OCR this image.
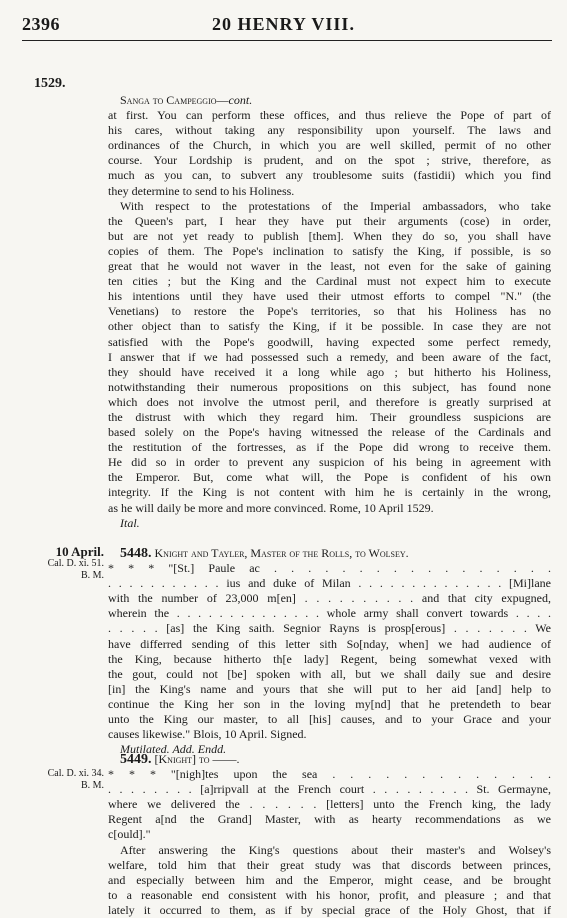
2396	20 HENRY VIII.
1529.
Sanga to Campeggio—cont.
at first. You can perform these offices, and thus relieve the Pope of part of
his cares, without taking any responsibility upon yourself. The laws and
ordinances of the Church, in which you are well skilled, permit of no other
course. Your Lordship is prudent, and on the spot ; strive, therefore, as
much as you can, to subvert any troublesome suits (fastidii) which you find
they determine to send to his Holiness.
With respect to the protestations of the Imperial ambassadors, who take
the Queen's part, I hear they have put their arguments (cose) in order,
but are not yet ready to publish [them]. When they do so, you shall have
copies of them. The Pope's inclination to satisfy the King, if possible, is so
great that he would not waver in the least, not even for the sake of gaining
ten cities ; but the King and the Cardinal must not expect him to execute
his intentions until they have used their utmost efforts to compel "N." (the
Venetians) to restore the Pope's territories, so that his Holiness has no
other object than to satisfy the King, if it be possible. In case they are not
satisfied with the Pope's goodwill, having expected some perfect remedy,
I answer that if we had possessed such a remedy, and been aware of the fact,
they should have received it a long while ago ; but hitherto his Holiness,
notwithstanding their numerous propositions on this subject, has found none
which does not involve the utmost peril, and therefore is greatly surprised at
the distrust with which they regard him. Their groundless suspicions are
based solely on the Pope's having witnessed the release of the Cardinals and
the restitution of the fortresses, as if the Pope did wrong to receive them.
He did so in order to prevent any suspicion of his being in agreement with
the Emperor. But, come what will, the Pope is confident of his own
integrity. If the King is not content with him he is certainly in the wrong,
as he will daily be more and more convinced. Rome, 10 April 1529.
Ital.
10 April.
Cal. D. xi. 51.
B. M.
5448. Knight and Tayler, Master of the Rolls, to Wolsey.
* * * "[St.] Paule ac . . . . . . . . . . . . . . . . .
. . . . . . . . . . . ius and duke of Milan . . . . . . . . . . . . . . [Mi]lane
with the number of 23,000 m[en] . . . . . . . . . . and that city expugned,
wherein the . . . . . . . . . . . . . . whole army shall convert towards . . . .
. . . . . [as] the King saith. Segnior Rayns is prosp[erous] . . . . . . . We
have differred sending of this letter sith So[nday, when] we had audience of
the King, because hitherto th[e lady] Regent, being somewhat vexed with
the gout, could not [be] spoken with all, but we shall daily sue and desire
[in] the King's name and yours that she will put to her aid [and] help to
continue the King her son in the loving my[nd] that he pretendeth to bear
unto the King our master, to all [his] causes, and to your Grace and your
causes likewise." Blois, 10 April. Signed.
Mutilated. Add. Endd.
Cal. D. xi. 34.
B. M.
5449. [Knight] to ——.
* * * "[nigh]tes upon the sea . . . . . . . . . . . . .
. . . . . . . . [a]rripvall at the French court . . . . . . . . . St. Germayne,
where we delivered the . . . . . . [letters] unto the French king, the lady
Regent a[nd the Grand] Master, with as hearty recommendations as we
c[ould]."
After answering the King's questions about their master's and Wolsey's
welfare, told him that their great study was that discords between princes,
and especially between him and the Emperor, might cease, and be brought
to a reasonable end consistent with his honor, profit, and pleasure ; and that
lately it occurred to them, as if by special grace of the Holy Ghost, that if
